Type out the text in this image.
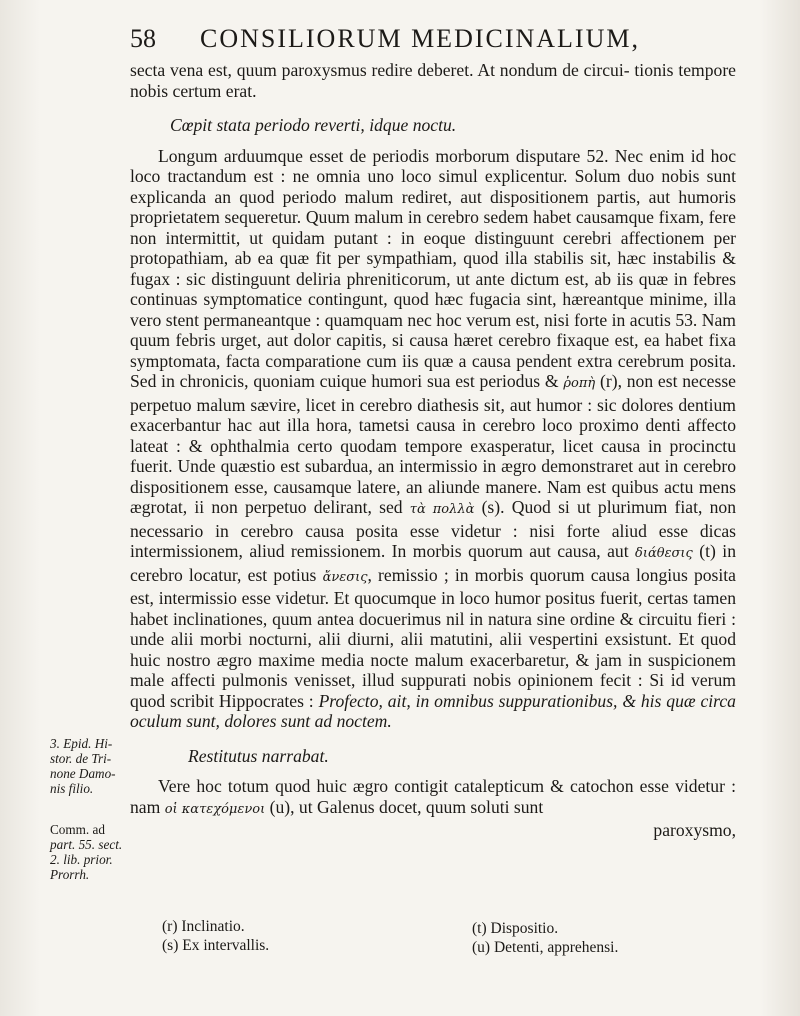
58 CONSILIORUM MEDICINALIUM,

secta vena est, quum paroxysmus redire deberet. At nondum de circui- tionis tempore nobis certum erat.

Cœpit stata periodo reverti, idque noctu.

Longum arduumque esset de periodis morborum disputare 52. Nec enim id hoc loco tractandum est : ne omnia uno loco simul explicentur. Solum duo nobis sunt explicanda an quod periodo malum rediret, aut dispositionem partis, aut humoris proprietatem sequeretur. Quum malum in cerebro sedem habet causamque fixam, fere non intermittit, ut quidam putant : in eoque distinguunt cerebri affectionem per protopathiam, ab ea quæ fit per sympathiam, quod illa stabilis sit, hæc instabilis & fugax : sic distinguunt deliria phreniticorum, ut ante dictum est, ab iis quæ in febres continuas symptomatice contingunt, quod hæc fugacia sint, hæreantque minime, illa vero stent permaneantque : quamquam nec hoc verum est, nisi forte in acutis 53. Nam quum febris urget, aut dolor capitis, si causa hæret cerebro fixaque est, ea habet fixa symptomata, facta comparatione cum iis quæ a causa pendent extra cerebrum posita. Sed in chronicis, quoniam cuique humori sua est periodus & ῥοπὴ (r), non est necesse perpetuo malum sævire, licet in cerebro diathesis sit, aut humor : sic dolores dentium exacerbantur hac aut illa hora, tametsi causa in cerebro loco proximo denti affecto lateat : & ophthalmia certo quodam tempore exasperatur, licet causa in procinctu fuerit. Unde quæstio est subardua, an intermissio in ægro demonstraret aut in cerebro dispositionem esse, causamque latere, an aliunde manere. Nam est quibus actu mens ægrotat, ii non perpetuo delirant, sed τὰ πολλὰ (s). Quod si ut plurimum fiat, non necessario in cerebro causa posita esse videtur : nisi forte aliud esse dicas intermissionem, aliud remissionem. In morbis quorum aut causa, aut διάθεσις (t) in cerebro locatur, est potius ἄνεσις, remissio ; in morbis quorum causa longius posita est, intermissio esse videtur. Et quocumque in loco humor positus fuerit, certas tamen habet inclinationes, quum antea docuerimus nil in natura sine ordine & circuitu fieri : unde alii morbi nocturni, alii diurni, alii matutini, alii vespertini exsistunt. Et quod huic nostro ægro maxime media nocte malum exacerbaretur, & jam in suspicionem male affecti pulmonis venisset, illud suppurati nobis opinionem fecit : Si id verum quod scribit Hippocrates : Profecto, ait, in omnibus suppurationibus, & his quæ circa oculum sunt, dolores sunt ad noctem.

Restitutus narrabat.

Vere hoc totum quod huic ægro contigit catalepticum & catochon esse videtur : nam οἱ κατεχόμενοι (u), ut Galenus docet, quum soluti sunt
paroxysmo,

3. Epid. Hi-
stor. de Tri-
none Damo-
nis filio.
Comm. ad
part. 55. sect.
2. lib. prior.
Prorrh.
(r) Inclinatio.
(s) Ex intervallis.
(t) Dispositio.
(u) Detenti, apprehensi.
